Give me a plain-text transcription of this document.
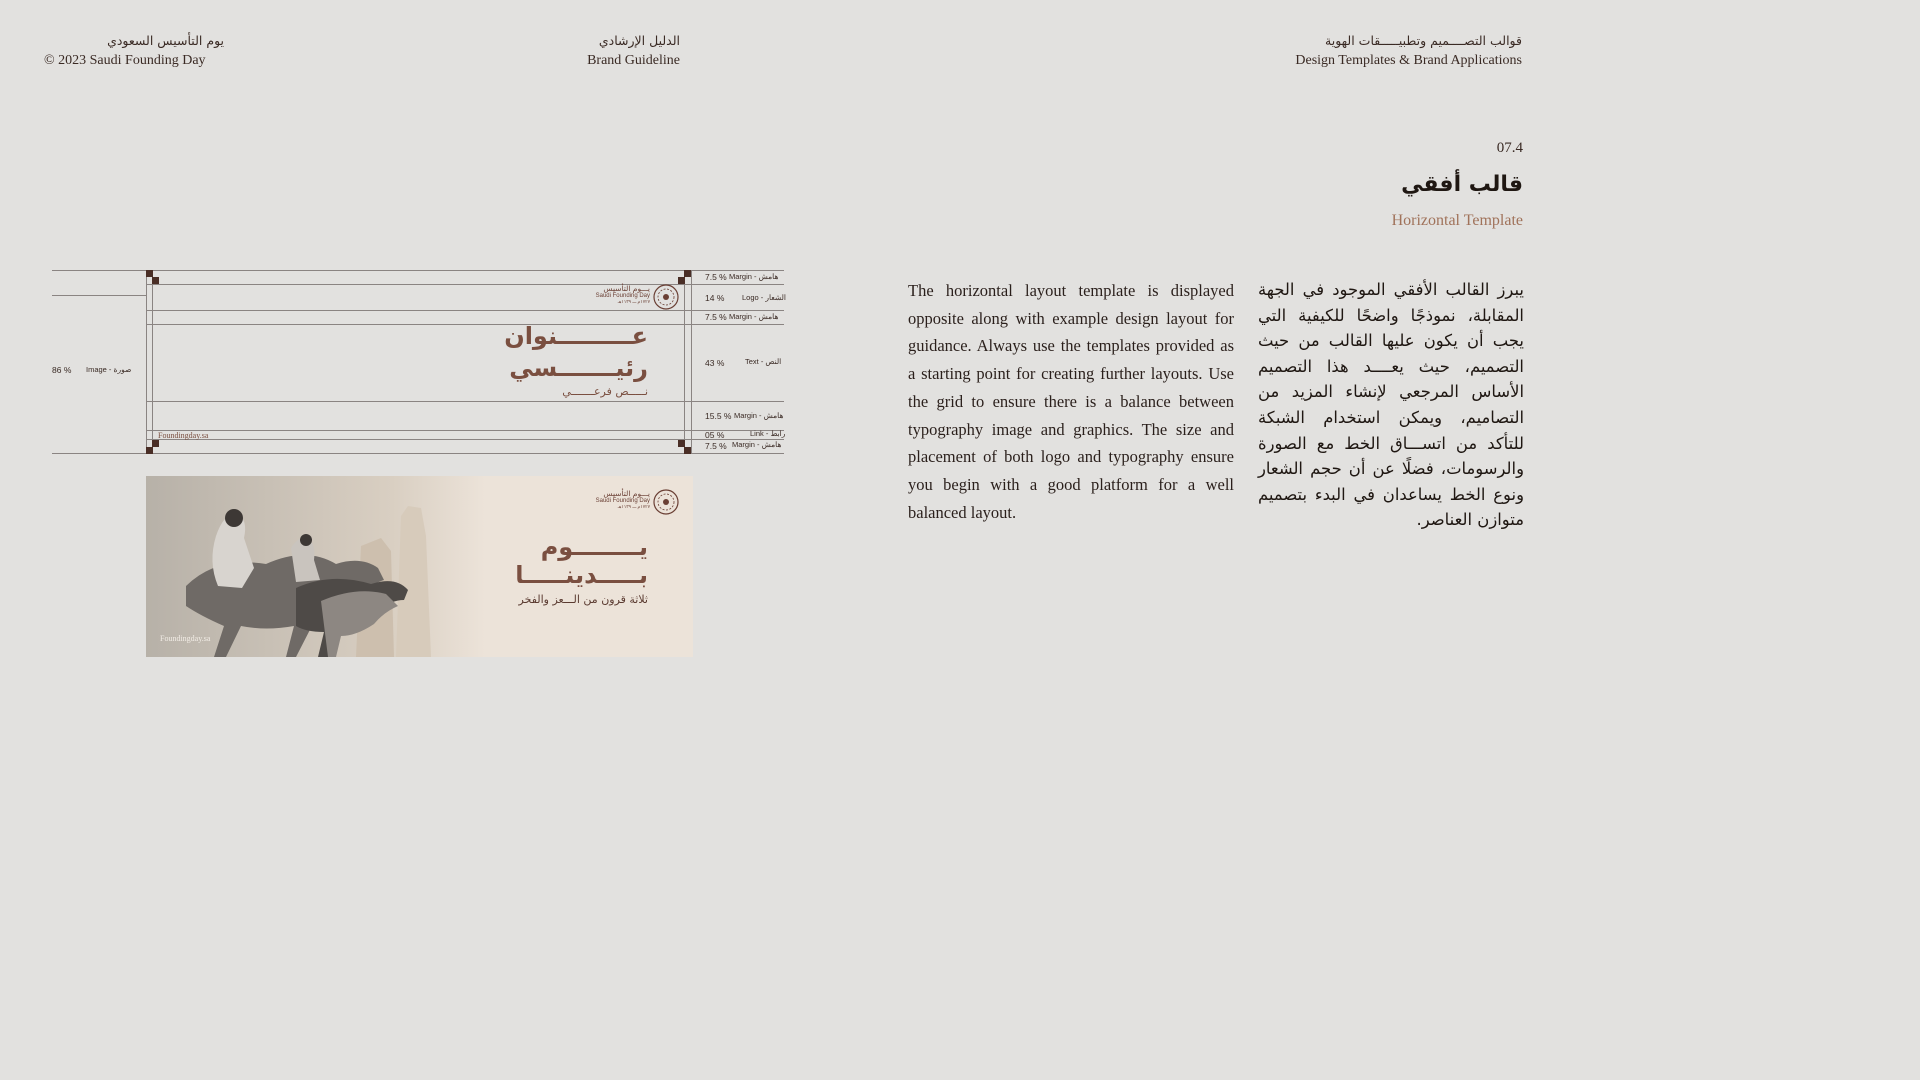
يوم التأسيس السعودي
© 2023 Saudi Founding Day
الدليل الإرشادي
Brand Guideline
قوالب التصــــميم وتطبيـــــقات الهوية
Design Templates & Brand Applications
07.4
قالب أفقي
Horizontal Template
The horizontal layout template is displayed opposite along with example design layout for guidance. Always use the templates provided as a starting point for creating further layouts. Use the grid to ensure there is a balance between typography image and graphics. The size and placement of both logo and typography ensure you begin with a good platform for a well balanced layout.
يبرز القالب الأفقي الموجود في الجهة المقابلة، نموذجًا واضحًا للكيفية التي يجب أن يكون عليها القالب من حيث التصميم، حيث يعــــد هذا التصميم الأساس المرجعي لإنشاء المزيد من التصاميم، ويمكن استخدام الشبكة للتأكد من اتســـاق الخط مع الصورة والرسومات، فضلًا عن أن حجم الشعار ونوع الخط يساعدان في البدء بتصميم متوازن العناصر.
86 % Image - صورة
7.5 % Margin - هامش
14 % Logo - الشعار
7.5 % Margin - هامش
43 %	Text - النص
15.5 % Margin - هامش
05 %	Link - رابط
7.5 % Margin - هامش
يـــوم التأسيس
Saudi Founding Day
١٧٢٧م ـــ ١١٣٩هـ
عـــــــــنوان
رئيـــــــسي
نـــــص فرعـــــــي
Foundingday.sa
يـــوم التأسيس
Saudi Founding Day
١٧٢٧م ـــ ١١٣٩هـ
يــــــــوم
بـــــدينـــــا
ثلاثة قرون من الـــعز والفخر
Foundingday.sa
